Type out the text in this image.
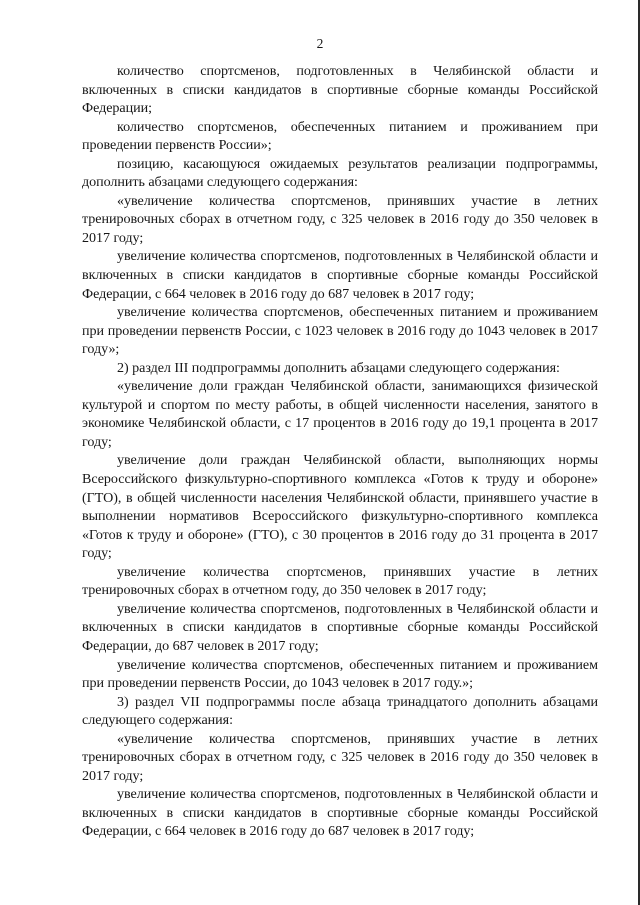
2

количество спортсменов, подготовленных в Челябинской области и включенных в списки кандидатов в спортивные сборные команды Российской Федерации;

количество спортсменов, обеспеченных питанием и проживанием при проведении первенств России»;

позицию, касающуюся ожидаемых результатов реализации подпрограммы, дополнить абзацами следующего содержания:

«увеличение количества спортсменов, принявших участие в летних тренировочных сборах в отчетном году, с 325 человек в 2016 году до 350 человек в 2017 году;

увеличение количества спортсменов, подготовленных в Челябинской области и включенных в списки кандидатов в спортивные сборные команды Российской Федерации, с 664 человек в 2016 году до 687 человек в 2017 году;

увеличение количества спортсменов, обеспеченных питанием и проживанием при проведении первенств России, с 1023 человек в 2016 году до 1043 человек в 2017 году»;

2) раздел III подпрограммы дополнить абзацами следующего содержания:

«увеличение доли граждан Челябинской области, занимающихся физической культурой и спортом по месту работы, в общей численности населения, занятого в экономике Челябинской области, с 17 процентов в 2016 году до 19,1 процента в 2017 году;

увеличение доли граждан Челябинской области, выполняющих нормы Всероссийского физкультурно-спортивного комплекса «Готов к труду и обороне» (ГТО), в общей численности населения Челябинской области, принявшего участие в выполнении нормативов Всероссийского физкультурно-спортивного комплекса «Готов к труду и обороне» (ГТО), с 30 процентов в 2016 году до 31 процента в 2017 году;

увеличение количества спортсменов, принявших участие в летних тренировочных сборах в отчетном году, до 350 человек в 2017 году;

увеличение количества спортсменов, подготовленных в Челябинской области и включенных в списки кандидатов в спортивные сборные команды Российской Федерации, до 687 человек в 2017 году;

увеличение количества спортсменов, обеспеченных питанием и проживанием при проведении первенств России, до 1043 человек в 2017 году.»;

3) раздел VII подпрограммы после абзаца тринадцатого дополнить абзацами следующего содержания:

«увеличение количества спортсменов, принявших участие в летних тренировочных сборах в отчетном году, с 325 человек в 2016 году до 350 человек в 2017 году;

увеличение количества спортсменов, подготовленных в Челябинской области и включенных в списки кандидатов в спортивные сборные команды Российской Федерации, с 664 человек в 2016 году до 687 человек в 2017 году;
